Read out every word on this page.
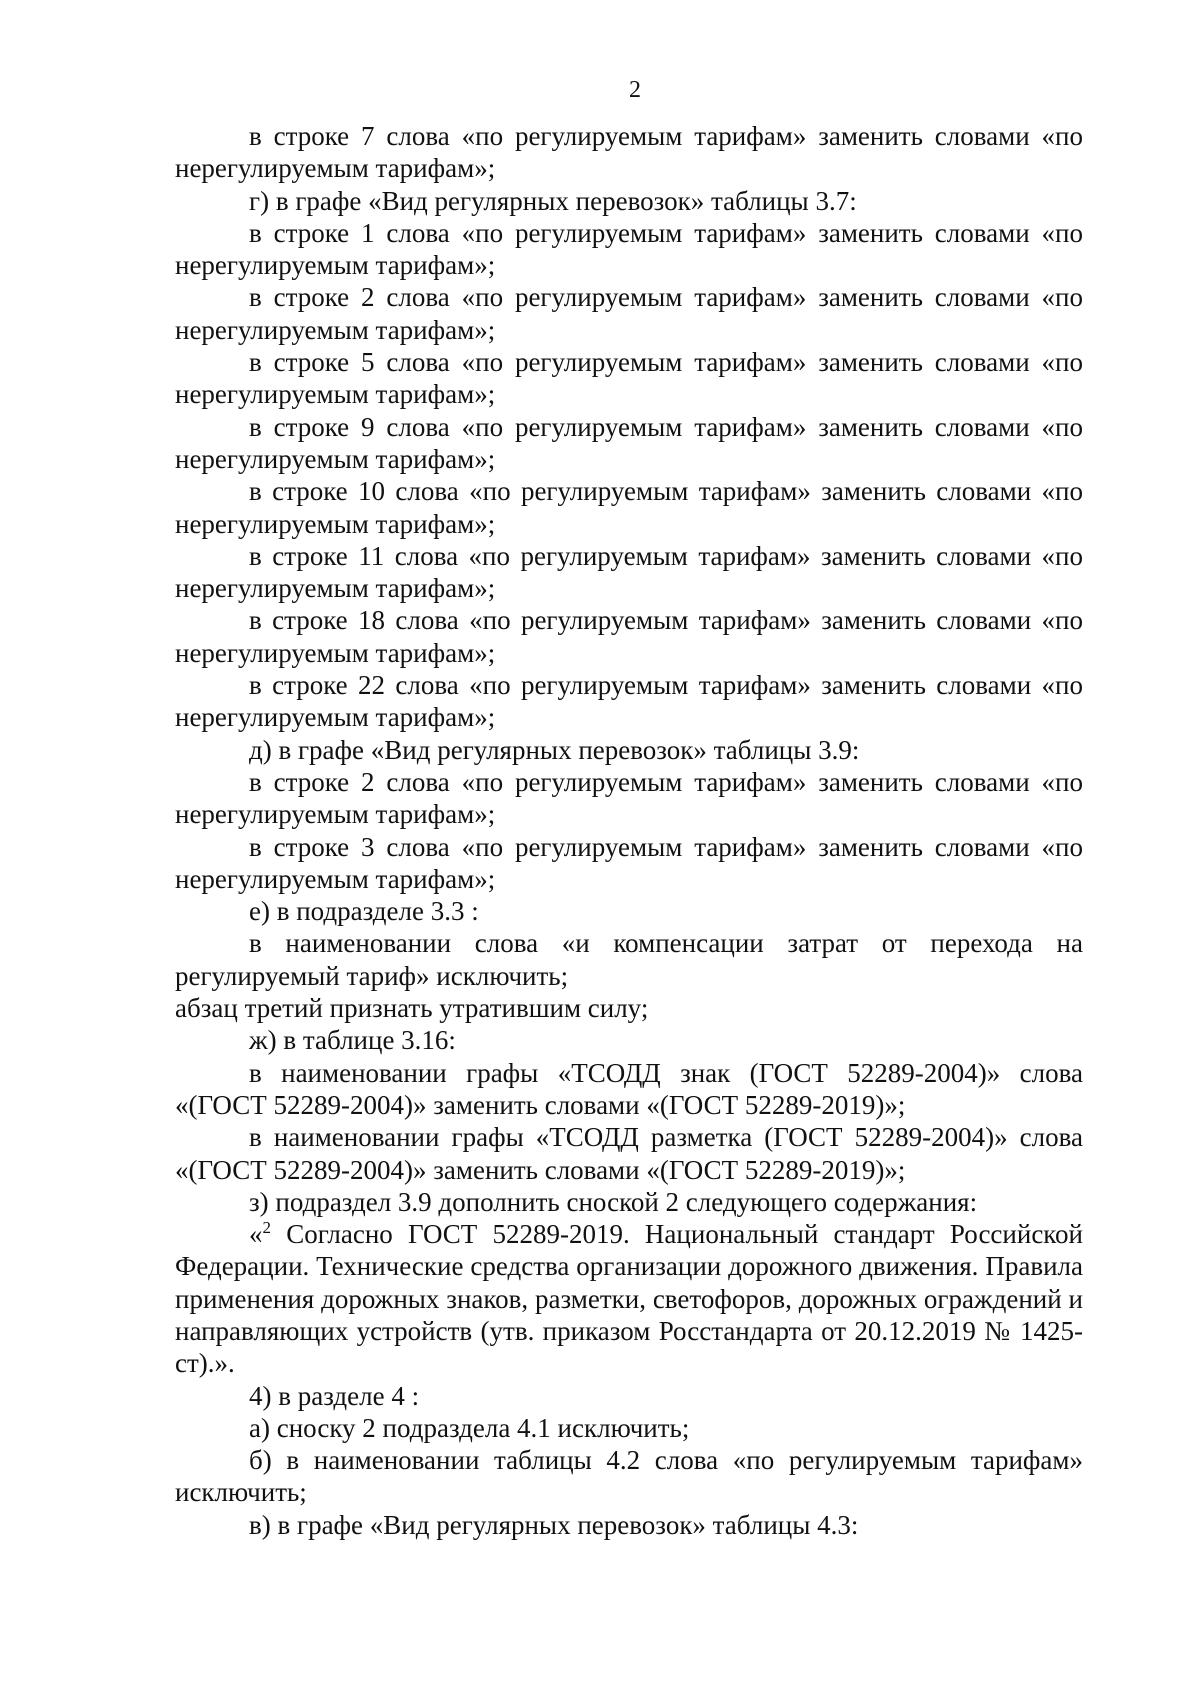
2

в строке 7 слова «по регулируемым тарифам» заменить словами «по нерегулируемым тарифам»;

г) в графе «Вид регулярных перевозок» таблицы 3.7:

в строке 1 слова «по регулируемым тарифам» заменить словами «по нерегулируемым тарифам»;

в строке 2 слова «по регулируемым тарифам» заменить словами «по нерегулируемым тарифам»;

в строке 5 слова «по регулируемым тарифам» заменить словами «по нерегулируемым тарифам»;

в строке 9 слова «по регулируемым тарифам» заменить словами «по нерегулируемым тарифам»;

в строке 10 слова «по регулируемым тарифам» заменить словами «по нерегулируемым тарифам»;

в строке 11 слова «по регулируемым тарифам» заменить словами «по нерегулируемым тарифам»;

в строке 18 слова «по регулируемым тарифам» заменить словами «по нерегулируемым тарифам»;

в строке 22 слова «по регулируемым тарифам» заменить словами «по нерегулируемым тарифам»;

д) в графе «Вид регулярных перевозок» таблицы 3.9:

в строке 2 слова «по регулируемым тарифам» заменить словами «по нерегулируемым тарифам»;

в строке 3 слова «по регулируемым тарифам» заменить словами «по нерегулируемым тарифам»;

е) в подразделе 3.3 :

в наименовании слова «и компенсации затрат от перехода на регулируемый тариф» исключить;

абзац третий признать утратившим силу;

ж) в таблице 3.16:

в наименовании графы «ТСОДД знак (ГОСТ 52289-2004)» слова «(ГОСТ 52289-2004)» заменить словами «(ГОСТ 52289-2019)»;

в наименовании графы «ТСОДД разметка (ГОСТ 52289-2004)» слова «(ГОСТ 52289-2004)» заменить словами «(ГОСТ 52289-2019)»;

з) подраздел 3.9 дополнить сноской 2 следующего содержания:

«$^2$ Согласно ГОСТ 52289-2019. Национальный стандарт Российской Федерации. Технические средства организации дорожного движения. Правила применения дорожных знаков, разметки, светофоров, дорожных ограждений и направляющих устройств (утв. приказом Росстандарта от 20.12.2019 № 1425-ст).».

4) в разделе 4 :

а) сноску 2 подраздела 4.1 исключить;

б) в наименовании таблицы 4.2 слова «по регулируемым тарифам» исключить;

в) в графе «Вид регулярных перевозок» таблицы 4.3:
